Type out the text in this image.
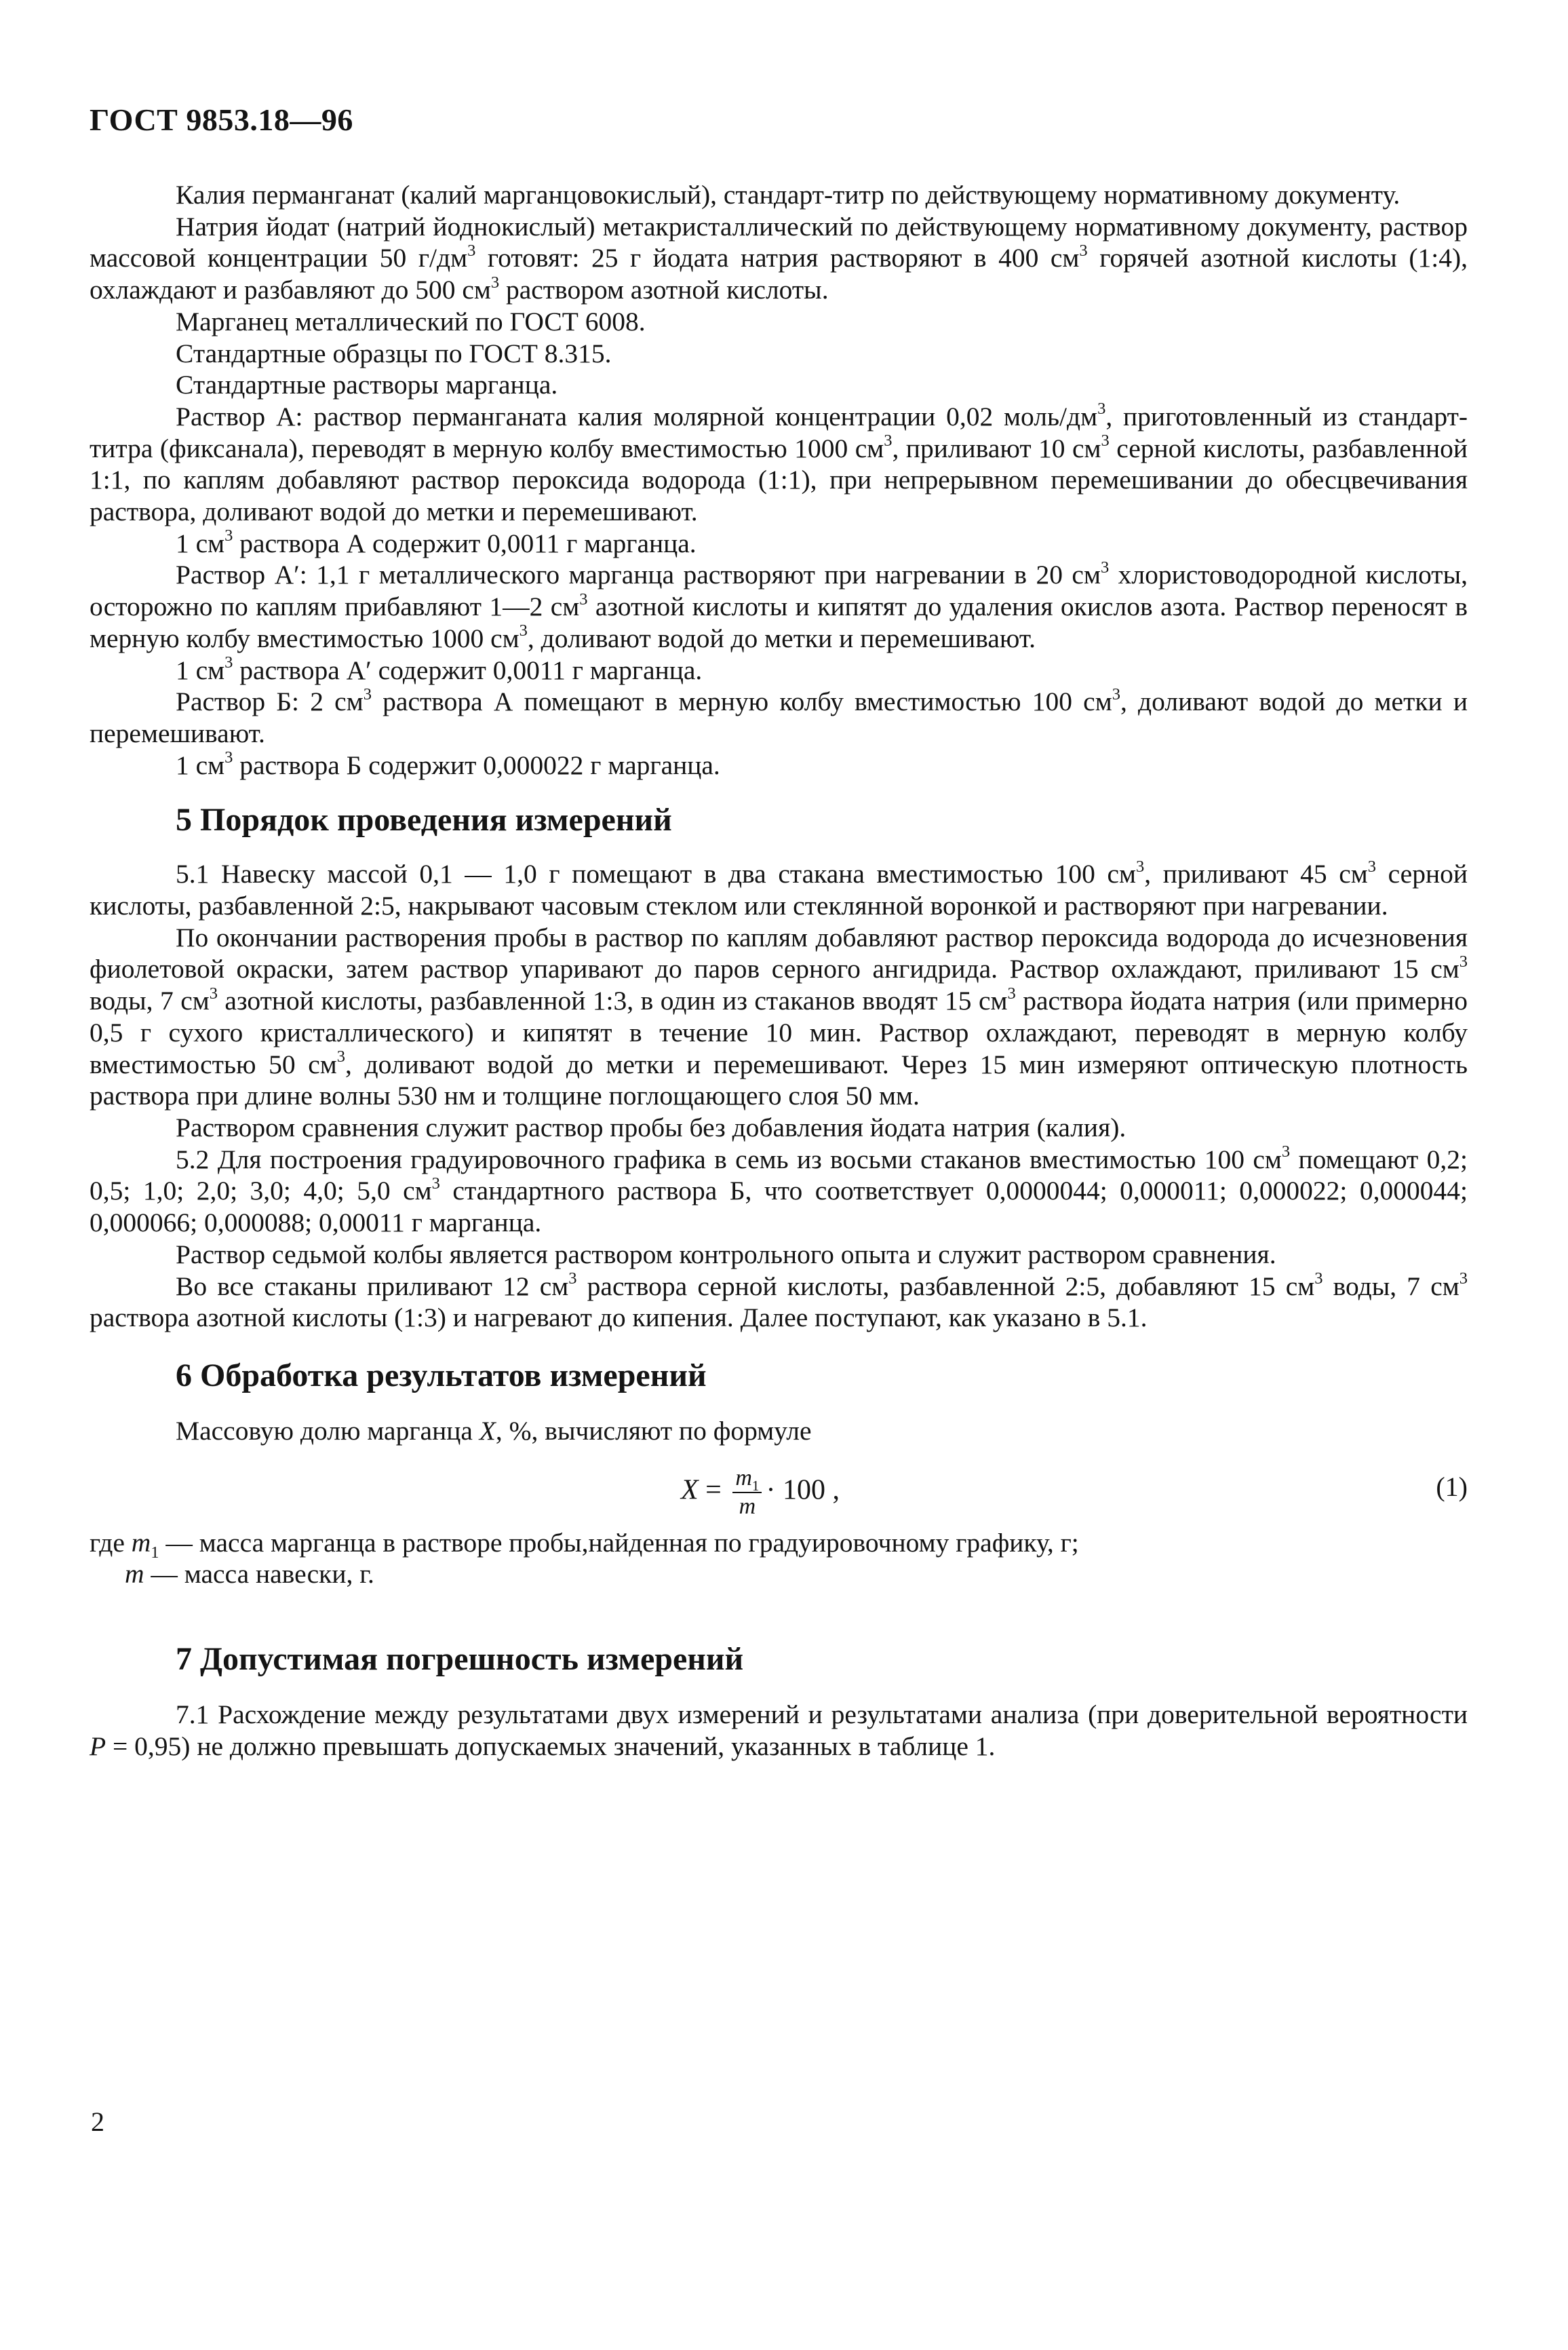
ГОСТ 9853.18—96

Калия перманганат (калий марганцовокислый), стандарт-титр по действующему нормативному документу.

Натрия йодат (натрий йоднокислый) метакристаллический по действующему нормативному документу, раствор массовой концентрации 50 $г/дм^3$ готовят: 25 г йодата натрия растворяют в 400 $см^3$ горячей азотной кислоты (1:4), охлаждают и разбавляют до 500 $см^3$ раствором азотной кислоты.

Марганец металлический по ГОСТ 6008.

Стандартные образцы по ГОСТ 8.315.

Стандартные растворы марганца.

Раствор А: раствор перманганата калия молярной концентрации 0,02 моль/$дм^3$, приготовленный из стандарт-титра (фиксанала), переводят в мерную колбу вместимостью 1000 $см^3$, приливают 10 $см^3$ серной кислоты, разбавленной 1:1, по каплям добавляют раствор пероксида водорода (1:1), при непрерывном перемешивании до обесцвечивания раствора, доливают водой до метки и перемешивают.

1 $см^3$ раствора А содержит 0,0011 г марганца.

Раствор А′: 1,1 г металлического марганца растворяют при нагревании в 20 $см^3$ хлористоводородной кислоты, осторожно по каплям прибавляют 1—2 $см^3$ азотной кислоты и кипятят до удаления окислов азота. Раствор переносят в мерную колбу вместимостью 1000 $см^3$, доливают водой до метки и перемешивают.

1 $см^3$ раствора А′ содержит 0,0011 г марганца.

Раствор Б: 2 $см^3$ раствора А помещают в мерную колбу вместимостью 100 $см^3$, доливают водой до метки и перемешивают.

1 $см^3$ раствора Б содержит 0,000022 г марганца.

5 Порядок проведения измерений

5.1 Навеску массой 0,1 — 1,0 г помещают в два стакана вместимостью 100 $см^3$, приливают 45 $см^3$ серной кислоты, разбавленной 2:5, накрывают часовым стеклом или стеклянной воронкой и растворяют при нагревании.

По окончании растворения пробы в раствор по каплям добавляют раствор пероксида водорода до исчезновения фиолетовой окраски, затем раствор упаривают до паров серного ангидрида. Раствор охлаждают, приливают 15 $см^3$ воды, 7 $см^3$ азотной кислоты, разбавленной 1:3, в один из стаканов вводят 15 $см^3$ раствора йодата натрия (или примерно 0,5 г сухого кристаллического) и кипятят в течение 10 мин. Раствор охлаждают, переводят в мерную колбу вместимостью 50 $см^3$, доливают водой до метки и перемешивают. Через 15 мин измеряют оптическую плотность раствора при длине волны 530 нм и толщине поглощающего слоя 50 мм.

Раствором сравнения служит раствор пробы без добавления йодата натрия (калия).

5.2 Для построения градуировочного графика в семь из восьми стаканов вместимостью 100 $см^3$ помещают 0,2; 0,5; 1,0; 2,0; 3,0; 4,0; 5,0 $см^3$ стандартного раствора Б, что соответствует 0,0000044; 0,000011; 0,000022; 0,000044; 0,000066; 0,000088; 0,00011 г марганца.

Раствор седьмой колбы является раствором контрольного опыта и служит раствором сравнения.

Во все стаканы приливают 12 $см^3$ раствора серной кислоты, разбавленной 2:5, добавляют 15 $см^3$ воды, 7 $см^3$ раствора азотной кислоты (1:3) и нагревают до кипения. Далее поступают, как указано в 5.1.

6 Обработка результатов измерений

Массовую долю марганца X, %, вычисляют по формуле

$X = \frac{m_1}{m} \cdot 100$ ,	(1)

где $m_1$ — масса марганца в растворе пробы,найденная по градуировочному графику, г;

m — масса навески, г.

7 Допустимая погрешность измерений

7.1 Расхождение между результатами двух измерений и результатами анализа (при доверительной вероятности P = 0,95) не должно превышать допускаемых значений, указанных в таблице 1.

2
